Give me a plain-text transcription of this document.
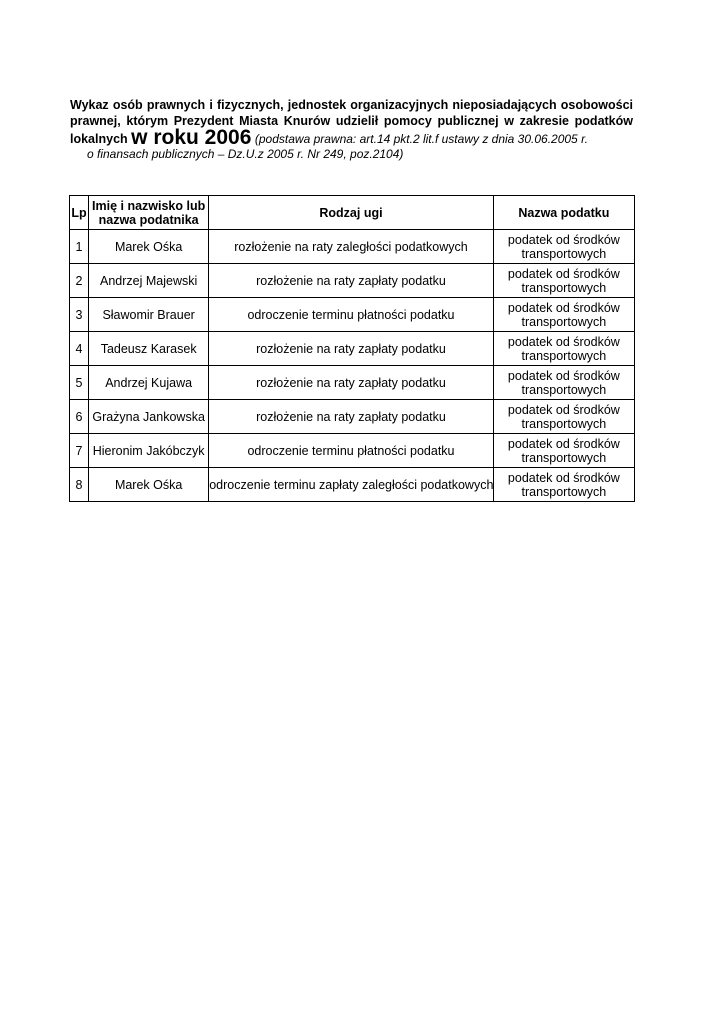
Wykaz osób prawnych i fizycznych, jednostek organizacyjnych nieposiadających osobowości
prawnej, którym Prezydent Miasta Knurów udzielił pomocy publicznej w zakresie podatków
lokalnych w roku 2006 (podstawa prawna: art.14 pkt.2 lit.f ustawy z dnia 30.06.2005 r.
o finansach publicznych – Dz.U.z 2005 r. Nr 249, poz.2104)
Lp	Imię i nazwisko lub
nazwa podatnika	Rodzaj ugi	Nazwa podatku
1	Marek Ośka	rozłożenie na raty zaległości podatkowych	podatek od środków
transportowych

2	Andrzej Majewski	rozłożenie na raty zapłaty podatku	podatek od środków
transportowych

3	Sławomir Brauer	odroczenie terminu płatności podatku	podatek od środków
transportowych

4	Tadeusz Karasek	rozłożenie na raty zapłaty podatku	podatek od środków
transportowych

5	Andrzej Kujawa	rozłożenie na raty zapłaty podatku	podatek od środków
transportowych

6	Grażyna Jankowska	rozłożenie na raty zapłaty podatku	podatek od środków
transportowych

7	Hieronim Jakóbczyk	odroczenie terminu płatności podatku	podatek od środków
transportowych

8	Marek Ośka	odroczenie terminu zapłaty zaległości podatkowych	podatek od środków
transportowych
